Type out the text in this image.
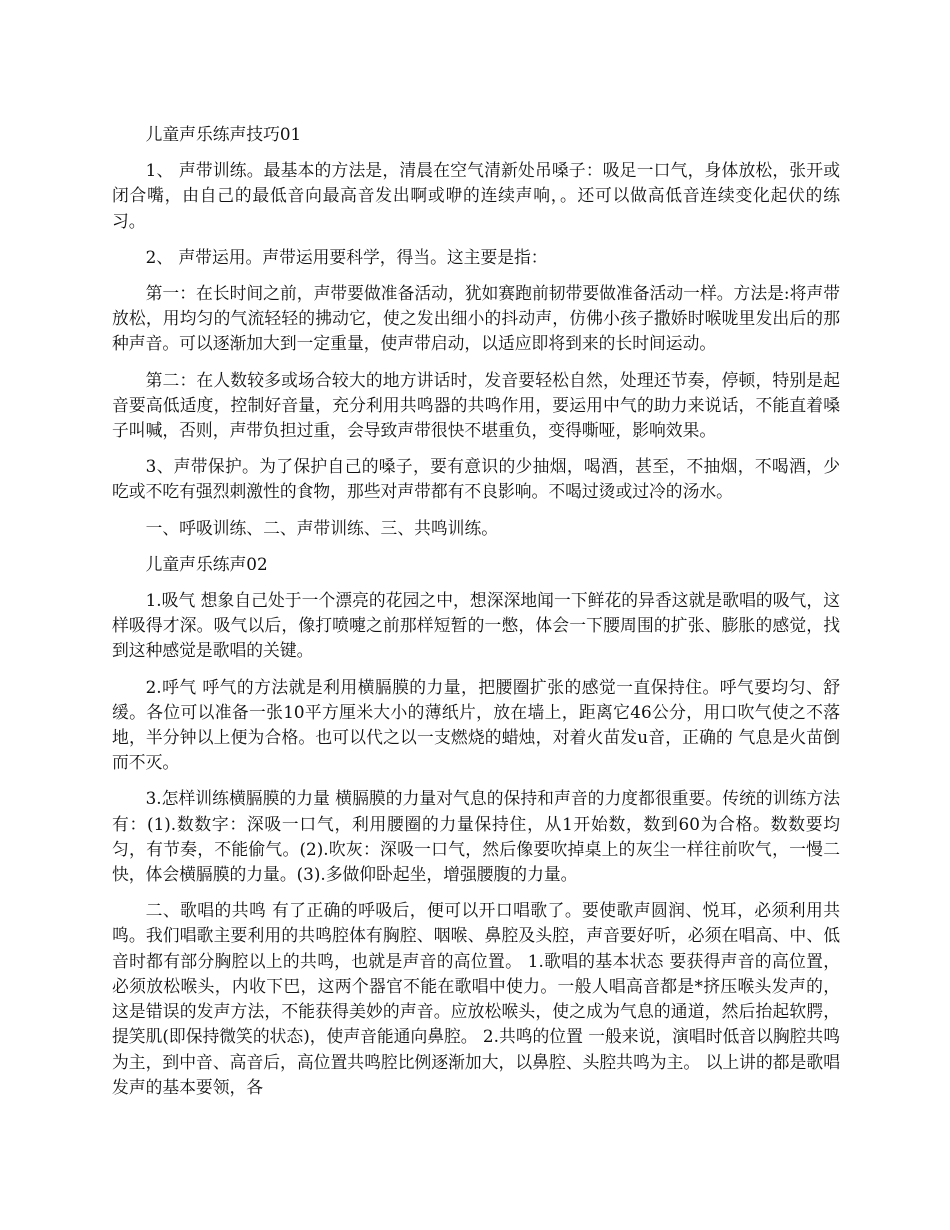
儿童声乐练声技巧01

1、 声带训练。最基本的方法是，清晨在空气清新处吊嗓子：吸足一口气，身体放松，张开或闭合嘴，由自己的最低音向最高音发出啊或咿的连续声响，。还可以做高低音连续变化起伏的练习。

2、 声带运用。声带运用要科学，得当。这主要是指：

第一：在长时间之前，声带要做准备活动，犹如赛跑前韧带要做准备活动一样。方法是:将声带放松，用均匀的气流轻轻的拂动它，使之发出细小的抖动声，仿佛小孩子撒娇时喉咙里发出后的那种声音。可以逐渐加大到一定重量，使声带启动，以适应即将到来的长时间运动。

第二：在人数较多或场合较大的地方讲话时，发音要轻松自然，处理还节奏，停顿，特别是起音要高低适度，控制好音量，充分利用共鸣器的共鸣作用，要运用中气的助力来说话，不能直着嗓子叫喊，否则，声带负担过重，会导致声带很快不堪重负，变得嘶哑，影响效果。

3、声带保护。为了保护自己的嗓子，要有意识的少抽烟，喝酒，甚至，不抽烟，不喝酒，少吃或不吃有强烈刺激性的食物，那些对声带都有不良影响。不喝过烫或过冷的汤水。

一、呼吸训练、二、声带训练、三、共鸣训练。

儿童声乐练声02

1.吸气 想象自己处于一个漂亮的花园之中，想深深地闻一下鲜花的异香这就是歌唱的吸气，这样吸得才深。吸气以后，像打喷嚏之前那样短暂的一憋，体会一下腰周围的扩张、膨胀的感觉，找到这种感觉是歌唱的关键。

2.呼气 呼气的方法就是利用横膈膜的力量，把腰圈扩张的感觉一直保持住。呼气要均匀、舒缓。各位可以准备一张10平方厘米大小的薄纸片，放在墙上，距离它46公分，用口吹气使之不落地，半分钟以上便为合格。也可以代之以一支燃烧的蜡烛，对着火苗发u音，正确的 气息是火苗倒而不灭。

3.怎样训练横膈膜的力量 横膈膜的力量对气息的保持和声音的力度都很重要。传统的训练方法有：(1).数数字：深吸一口气，利用腰圈的力量保持住，从1开始数，数到60为合格。数数要均匀，有节奏，不能偷气。(2).吹灰：深吸一口气，然后像要吹掉桌上的灰尘一样往前吹气，一慢二快，体会横膈膜的力量。(3).多做仰卧起坐，增强腰腹的力量。

二、歌唱的共鸣 有了正确的呼吸后，便可以开口唱歌了。要使歌声圆润、悦耳，必须利用共鸣。我们唱歌主要利用的共鸣腔体有胸腔、咽喉、鼻腔及头腔，声音要好听，必须在唱高、中、低音时都有部分胸腔以上的共鸣，也就是声音的高位置。 1.歌唱的基本状态 要获得声音的高位置，必须放松喉头，内收下巴，这两个器官不能在歌唱中使力。一般人唱高音都是*挤压喉头发声的，这是错误的发声方法，不能获得美妙的声音。应放松喉头，使之成为气息的通道，然后抬起软腭，提笑肌(即保持微笑的状态)，使声音能通向鼻腔。 2.共鸣的位置 一般来说，演唱时低音以胸腔共鸣为主，到中音、高音后，高位置共鸣腔比例逐渐加大，以鼻腔、头腔共鸣为主。 以上讲的都是歌唱发声的基本要领，各
